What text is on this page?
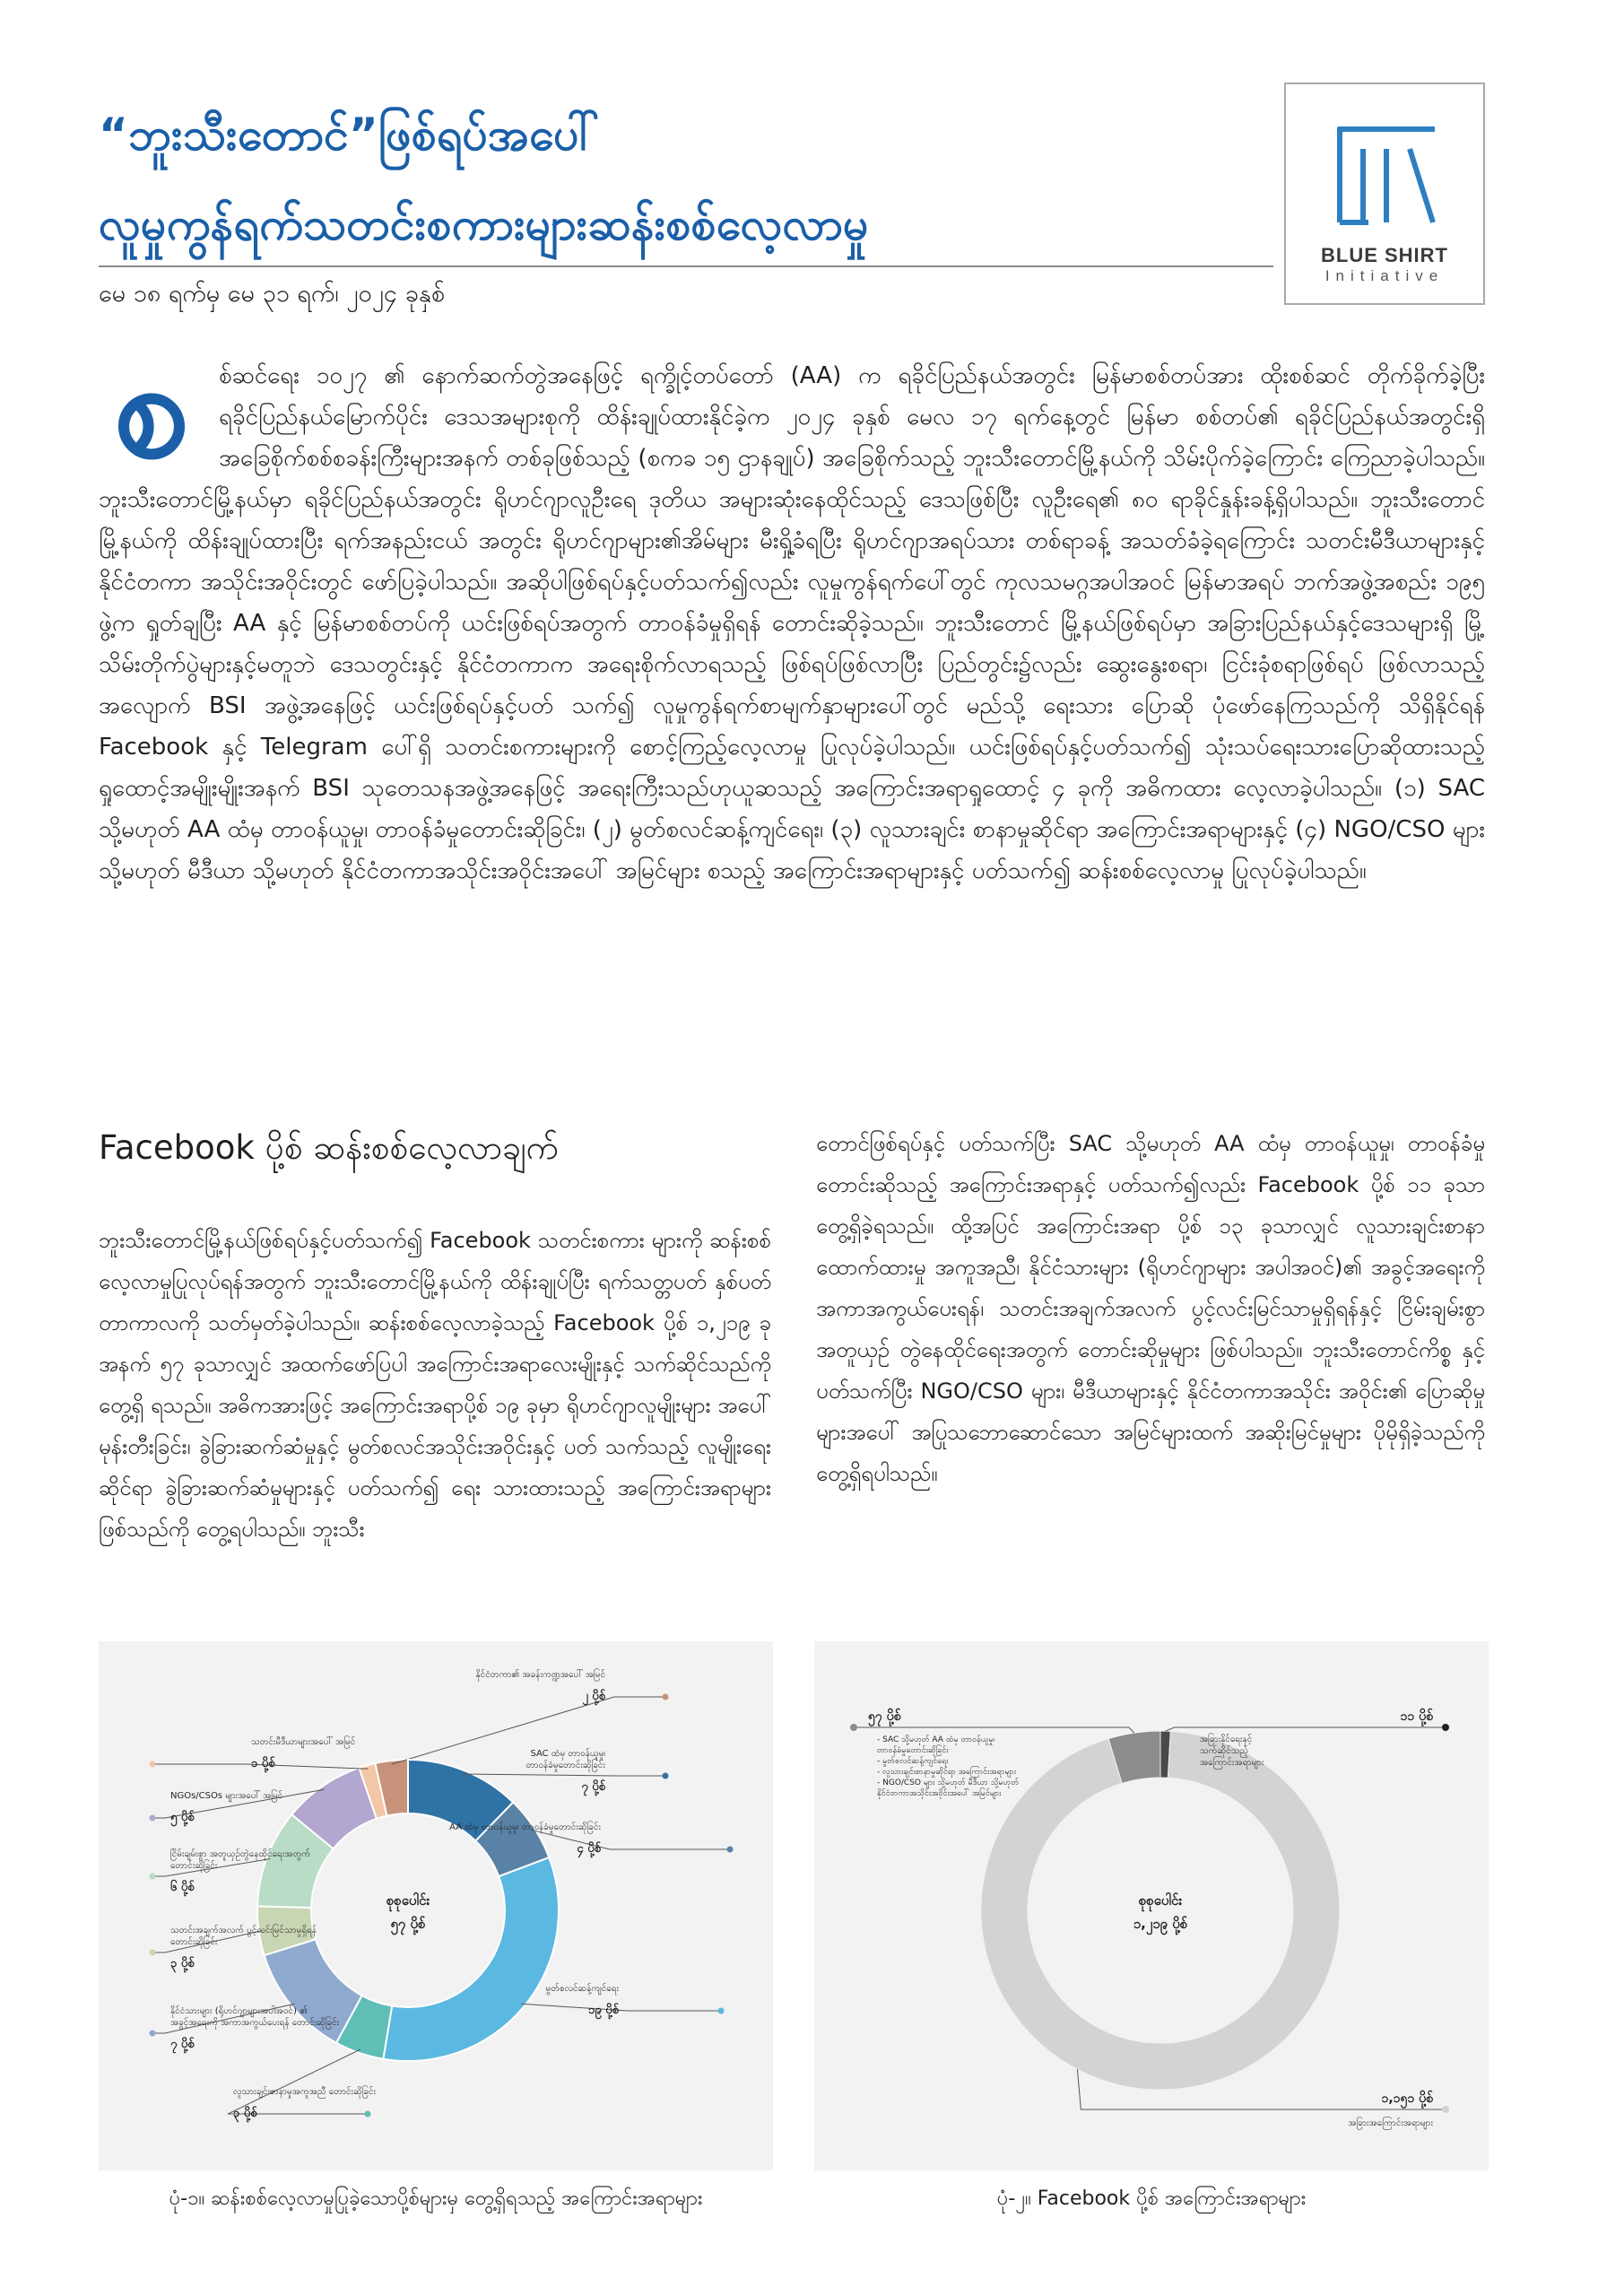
“ဘူးသီးတောင်”ဖြစ်ရပ်အပေါ်
လူမှုကွန်ရက်သတင်းစကားများဆန်းစစ်လေ့လာမှု
BLUE SHIRT
Initiative
မေ ၁၈ ရက်မှ မေ ၃၁ ရက်၊ ၂၀၂၄ ခုနှစ်
စ	စ်ဆင်ရေး ၁၀၂၇ ၏ နောက်ဆက်တွဲအနေဖြင့် ရက္ခိုင့်တပ်တော် (AA) က ရခိုင်ပြည်နယ်အတွင်း မြန်မာစစ်တပ်အား ထိုးစစ်ဆင် တိုက်ခိုက်ခဲ့ပြီး ရခိုင်ပြည်နယ်မြောက်ပိုင်း ဒေသအများစုကို ထိန်းချုပ်ထားနိုင်ခဲ့က ၂၀၂၄ ခုနှစ် မေလ ၁၇ ရက်နေ့တွင် မြန်မာ စစ်တပ်၏ ရခိုင်ပြည်နယ်အတွင်းရှိ အခြေစိုက်စစ်စခန်းကြီးများအနက် တစ်ခုဖြစ်သည့် (စကခ ၁၅ ဌာနချုပ်) အခြေစိုက်သည့် ဘူးသီးတောင်မြို့နယ်ကို သိမ်းပိုက်ခဲ့ကြောင်း ကြေညာခဲ့ပါသည်။ ဘူးသီးတောင်မြို့နယ်မှာ ရခိုင်ပြည်နယ်အတွင်း ရိုဟင်ဂျာလူဦးရေ ဒုတိယ အများဆုံးနေထိုင်သည့် ဒေသဖြစ်ပြီး လူဦးရေ၏ ၈၀ ရာခိုင်နှုန်းခန့်ရှိပါသည်။ ဘူးသီးတောင်မြို့နယ်ကို ထိန်းချုပ်ထားပြီး ရက်အနည်းငယ် အတွင်း ရိုဟင်ဂျာများ၏အိမ်များ မီးရှို့ခံရပြီး ရိုဟင်ဂျာအရပ်သား တစ်ရာခန့် အသတ်ခံခဲ့ရကြောင်း သတင်းမီဒီယာများနှင့် နိုင်ငံတကာ အသိုင်းအဝိုင်းတွင် ဖော်ပြခဲ့ပါသည်။ အဆိုပါဖြစ်ရပ်နှင့်ပတ်သက်၍လည်း လူမှုကွန်ရက်ပေါ်တွင် ကုလသမဂ္ဂအပါအဝင် မြန်မာအရပ် ဘက်အဖွဲ့အစည်း ၁၉၅ ဖွဲ့က ရှုတ်ချပြီး AA နှင့် မြန်မာစစ်တပ်ကို ယင်းဖြစ်ရပ်အတွက် တာဝန်ခံမှုရှိရန် တောင်းဆိုခဲ့သည်။ ဘူးသီးတောင် မြို့နယ်ဖြစ်ရပ်မှာ အခြားပြည်နယ်နှင့်ဒေသများရှိ မြို့သိမ်းတိုက်ပွဲများနှင့်မတူဘဲ ဒေသတွင်းနှင့် နိုင်ငံတကာက အရေးစိုက်လာရသည့် ဖြစ်ရပ်ဖြစ်လာပြီး ပြည်တွင်း၌လည်း ဆွေးနွေးစရာ၊ ငြင်းခုံစရာဖြစ်ရပ် ဖြစ်လာသည့်အလျောက် BSI အဖွဲ့အနေဖြင့် ယင်းဖြစ်ရပ်နှင့်ပတ် သက်၍ လူမှုကွန်ရက်စာမျက်နှာများပေါ်တွင် မည်သို့ ရေးသား ပြောဆို ပုံဖော်နေကြသည်ကို သိရှိနိုင်ရန် Facebook နှင့် Telegram ပေါ်ရှိ သတင်းစကားများကို စောင့်ကြည့်လေ့လာမှု ပြုလုပ်ခဲ့ပါသည်။ ယင်းဖြစ်ရပ်နှင့်ပတ်သက်၍ သုံးသပ်ရေးသားပြောဆိုထားသည့် ရှုထောင့်အမျိုးမျိုးအနက် BSI သုတေသနအဖွဲ့အနေဖြင့် အရေးကြီးသည်ဟုယူဆသည့် အကြောင်းအရာရှုထောင့် ၄ ခုကို အဓိကထား လေ့လာခဲ့ပါသည်။ (၁) SAC သို့မဟုတ် AA ထံမှ တာဝန်ယူမှု၊ တာဝန်ခံမှုတောင်းဆိုခြင်း၊ (၂) မွတ်စလင်ဆန့်ကျင်ရေး၊ (၃) လူသားချင်း စာနာမှုဆိုင်ရာ အကြောင်းအရာများနှင့် (၄) NGO/CSO များ သို့မဟုတ် မီဒီယာ သို့မဟုတ် နိုင်ငံတကာအသိုင်းအဝိုင်းအပေါ် အမြင်များ စသည့် အကြောင်းအရာများနှင့် ပတ်သက်၍ ဆန်းစစ်လေ့လာမှု ပြုလုပ်ခဲ့ပါသည်။

Facebook ပို့စ် ဆန်းစစ်လေ့လာချက်

ဘူးသီးတောင်မြို့နယ်ဖြစ်ရပ်နှင့်ပတ်သက်၍ Facebook သတင်းစကား များကို ဆန်းစစ်လေ့လာမှုပြုလုပ်ရန်အတွက် ဘူးသီးတောင်မြို့နယ်ကို ထိန်းချုပ်ပြီး ရက်သတ္တပတ် နှစ်ပတ်တာကာလကို သတ်မှတ်ခဲ့ပါသည်။ ဆန်းစစ်လေ့လာခဲ့သည့် Facebook ပို့စ် ၁,၂၁၉ ခုအနက် ၅၇ ခုသာလျှင် အထက်ဖော်ပြပါ အကြောင်းအရာလေးမျိုးနှင့် သက်ဆိုင်သည်ကို တွေ့ရှိ ရသည်။ အဓိကအားဖြင့် အကြောင်းအရာပို့စ် ၁၉ ခုမှာ ရိုဟင်ဂျာလူမျိုးများ အပေါ် မုန်းတီးခြင်း၊ ခွဲခြားဆက်ဆံမှုနှင့် မွတ်စလင်အသိုင်းအဝိုင်းနှင့် ပတ် သက်သည့် လူမျိုးရေးဆိုင်ရာ ခွဲခြားဆက်ဆံမှုများနှင့် ပတ်သက်၍ ရေး သားထားသည့် အကြောင်းအရာများဖြစ်သည်ကို တွေ့ရပါသည်။ ဘူးသီး

တောင်ဖြစ်ရပ်နှင့် ပတ်သက်ပြီး SAC သို့မဟုတ် AA ထံမှ တာဝန်ယူမှု၊ တာဝန်ခံမှုတောင်းဆိုသည့် အကြောင်းအရာနှင့် ပတ်သက်၍လည်း Facebook ပို့စ် ၁၁ ခုသာ တွေ့ရှိခဲ့ရသည်။ ထို့အပြင် အကြောင်းအရာ ပို့စ် ၁၃ ခုသာလျှင် လူသားချင်းစာနာထောက်ထားမှု အကူအညီ၊ နိုင်ငံသားများ (ရိုဟင်ဂျာများ အပါအဝင်)၏ အခွင့်အရေးကို အကာအကွယ်ပေးရန်၊ သတင်းအချက်အလက် ပွင့်လင်းမြင်သာမှုရှိရန်နှင့် ငြိမ်းချမ်းစွာ အတူယှဉ် တွဲနေထိုင်ရေးအတွက် တောင်းဆိုမှုများ ဖြစ်ပါသည်။ ဘူးသီးတောင်ကိစ္စ နှင့်ပတ်သက်ပြီး NGO/CSO များ၊ မီဒီယာများနှင့် နိုင်ငံတကာအသိုင်း အဝိုင်း၏ ပြောဆိုမှုများအပေါ် အပြုသဘောဆောင်သော အမြင်များထက် အဆိုးမြင်မှုများ ပိုမိုရှိခဲ့သည်ကို တွေ့ရှိရပါသည်။

နိုင်ငံတကာ၏ အခန်းကဏ္ဍအပေါ် အမြင်
၂ ပို့စ်
SAC ထံမှ တာဝန်ယူမှု၊
တာဝန်ခံမှုတောင်းဆိုခြင်း
၇ ပို့စ်
AA ထံမှ တာဝန်ယူမှု၊ တာဝန်ခံမှုတောင်းဆိုခြင်း
၄ ပို့စ်
မွတ်စလင်ဆန့်ကျင်ရေး
၁၉ ပို့စ်
လူသားချင်းစာနာမှုအကူအညီ တောင်းဆိုခြင်း
၃ ပို့စ်
နိုင်ငံသားများ (ရိုဟင်ဂျာများအပါအဝင်) ၏
အခွင့်အရေးကို အကာအကွယ်ပေးရန် တောင်းဆိုခြင်း
၇ ပို့စ်
သတင်းအချက်အလက် ပွင့်လင်းမြင်သာမှုရှိရန်
တောင်းဆိုခြင်း
၃ ပို့စ်
ငြိမ်းချမ်းစွာ အတူယှဉ်တွဲနေထိုင်ရေးအတွက်
တောင်းဆိုခြင်း
၆ ပို့စ်
NGOs/CSOs များအပေါ် အမြင်
၅ ပို့စ်
သတင်းမီဒီယာများအပေါ် အမြင်
၁ ပို့စ်
စုစုပေါင်း
၅၇ ပို့စ်
၁၁ ပို့စ်
အခြားနိုင်ရေးနှင့်
သက်ဆိုင်သည့်
အကြောင်းအရာများ
၁,၁၅၁ ပို့စ်
အခြားအကြောင်းအရာများ
၅၇ ပို့စ်
- SAC သို့မဟုတ် AA ထံမှ တာဝန်ယူမှု၊
တာဝန်ခံမှုတောင်းဆိုခြင်း
- မွတ်စလင်ဆန့်ကျင်ရေး
- လူသားချင်းစာနာမှုဆိုင်ရာ အကြောင်းအရာများ
- NGO/CSO များ သို့မဟုတ် မီဒီယာ သို့မဟုတ်
နိုင်ငံတကာအသိုင်းအဝိုင်းအပေါ် အမြင်များ
စုစုပေါင်း
၁,၂၁၉ ပို့စ်
ပုံ-၁။ ဆန်းစစ်လေ့လာမှုပြုခဲ့သောပို့စ်များမှ တွေ့ရှိရသည့် အကြောင်းအရာများ	ပုံ-၂။ Facebook ပို့စ် အကြောင်းအရာများ
